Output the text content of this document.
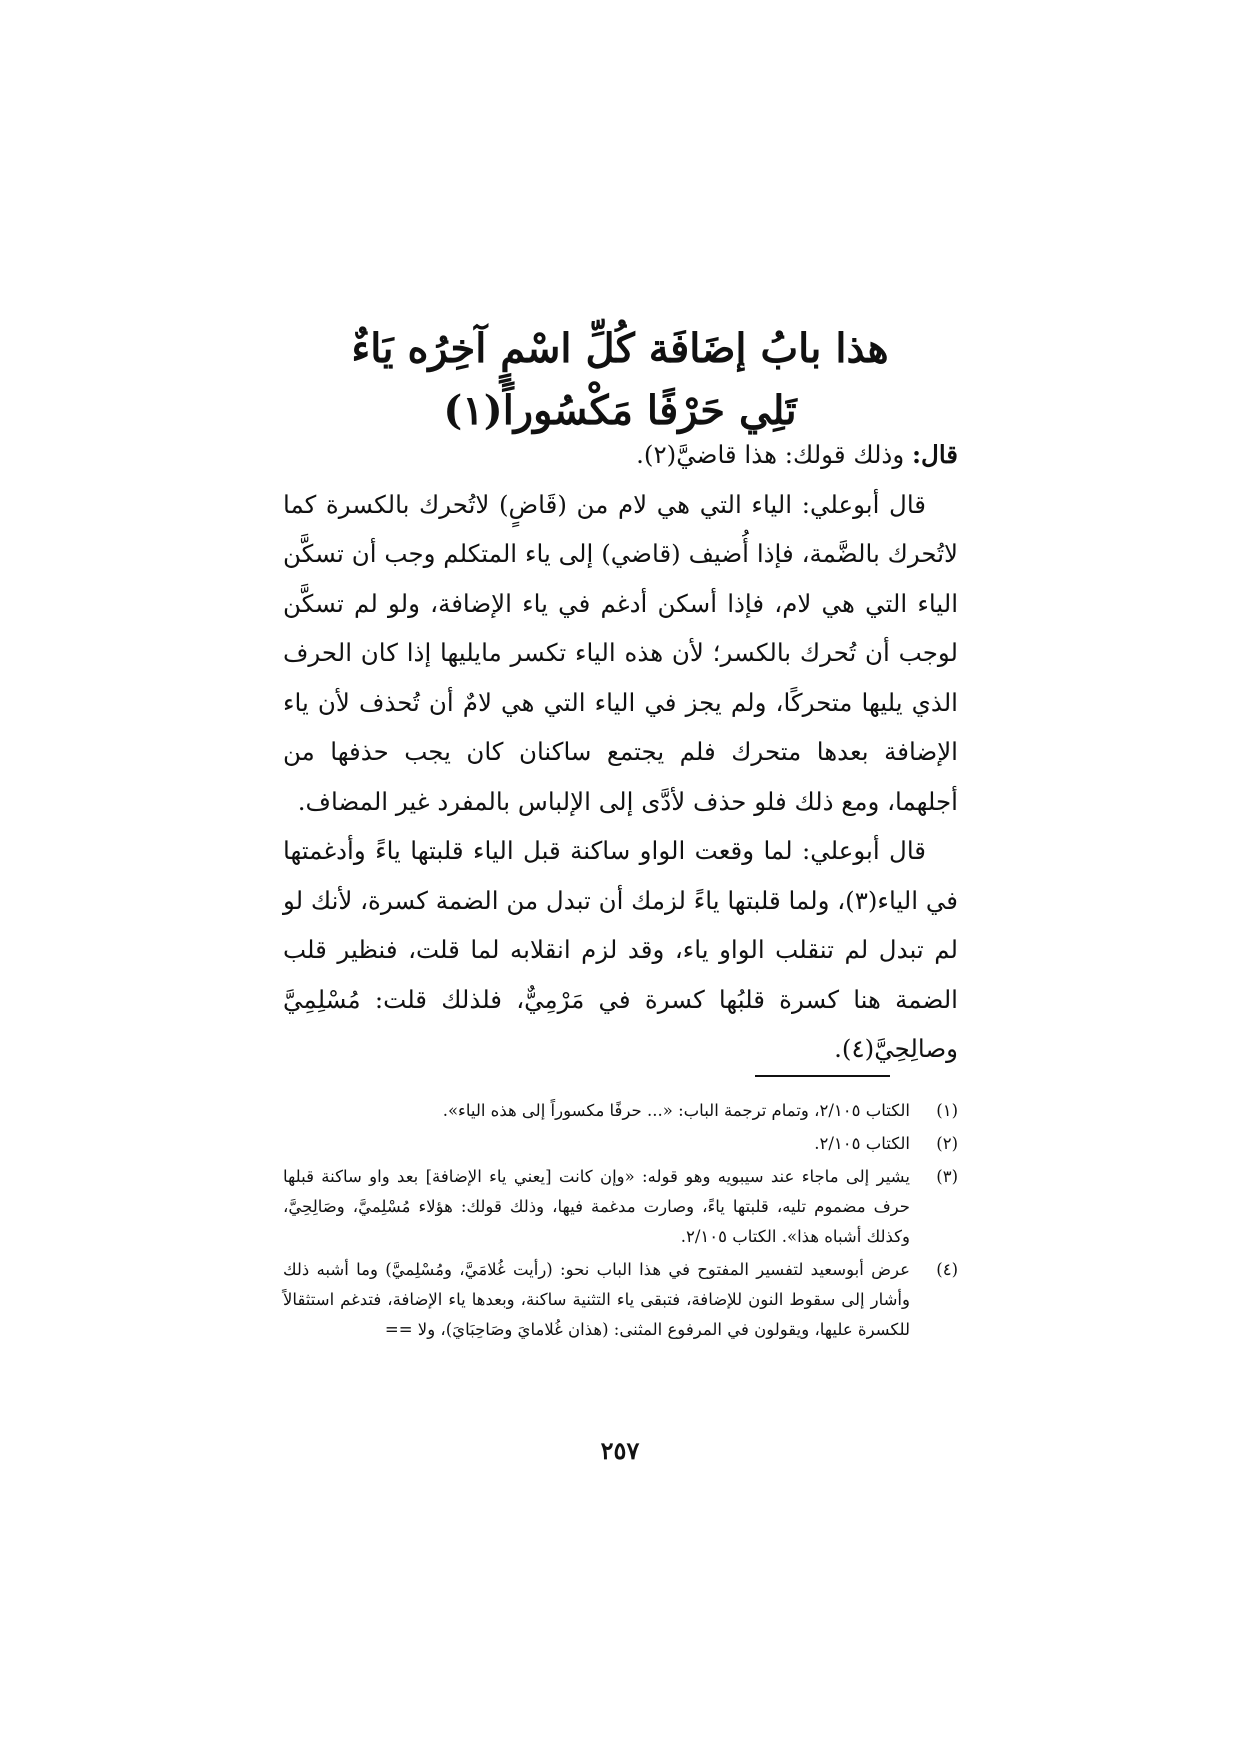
هذا بابُ إضَافَة كُلِّ اسْمٍ آخِرُه يَاءٌ
تَلِي حَرْفًا مَكْسُوراً(١)

قال: وذلك قولك: هذا قاضيَّ(٢).

قال أبوعلي: الياء التي هي لام من (قَاضٍ) لاتُحرك بالكسرة كما لاتُحرك بالضَّمة، فإذا أُضيف (قاضي) إلى ياء المتكلم وجب أن تسكَّن الياء التي هي لام، فإذا أسكن أدغم في ياء الإضافة، ولو لم تسكَّن لوجب أن تُحرك بالكسر؛ لأن هذه الياء تكسر مايليها إذا كان الحرف الذي يليها متحركًا، ولم يجز في الياء التي هي لامٌ أن تُحذف لأن ياء الإضافة بعدها متحرك فلم يجتمع ساكنان كان يجب حذفها من أجلهما، ومع ذلك فلو حذف لأدَّى إلى الإلباس بالمفرد غير المضاف.

قال أبوعلي: لما وقعت الواو ساكنة قبل الياء قلبتها ياءً وأدغمتها في الياء(٣)، ولما قلبتها ياءً لزمك أن تبدل من الضمة كسرة، لأنك لو لم تبدل لم تنقلب الواو ياء، وقد لزم انقلابه لما قلت، فنظير قلب الضمة هنا كسرة قلبُها كسرة في مَرْمِيٌّ، فلذلك قلت: مُسْلِمِيَّ وصالِحِيَّ(٤).

(١)
الكتاب ٢/١٠٥، وتمام ترجمة الباب: «... حرفًا مكسوراً إلى هذه الياء».
(٢)
الكتاب ٢/١٠٥.
(٣)
يشير إلى ماجاء عند سيبويه وهو قوله: «وإن كانت [يعني ياء الإضافة] بعد واو ساكنة قبلها حرف مضموم تليه، قلبتها ياءً، وصارت مدغمة فيها، وذلك قولك: هؤلاء مُسْلِميَّ، وصَالِحِيَّ، وكذلك أشباه هذا». الكتاب ٢/١٠٥.
(٤)
عرض أبوسعيد لتفسير المفتوح في هذا الباب نحو: (رأيت غُلامَيَّ، ومُسْلِميَّ) وما أشبه ذلك وأشار إلى سقوط النون للإضافة، فتبقى ياء التثنية ساكنة، وبعدها ياء الإضافة، فتدغم استثقالاً للكسرة عليها، ويقولون في المرفوع المثنى: (هذان غُلامايَ وصَاحِبَايَ)، ولا ==
٢٥٧
